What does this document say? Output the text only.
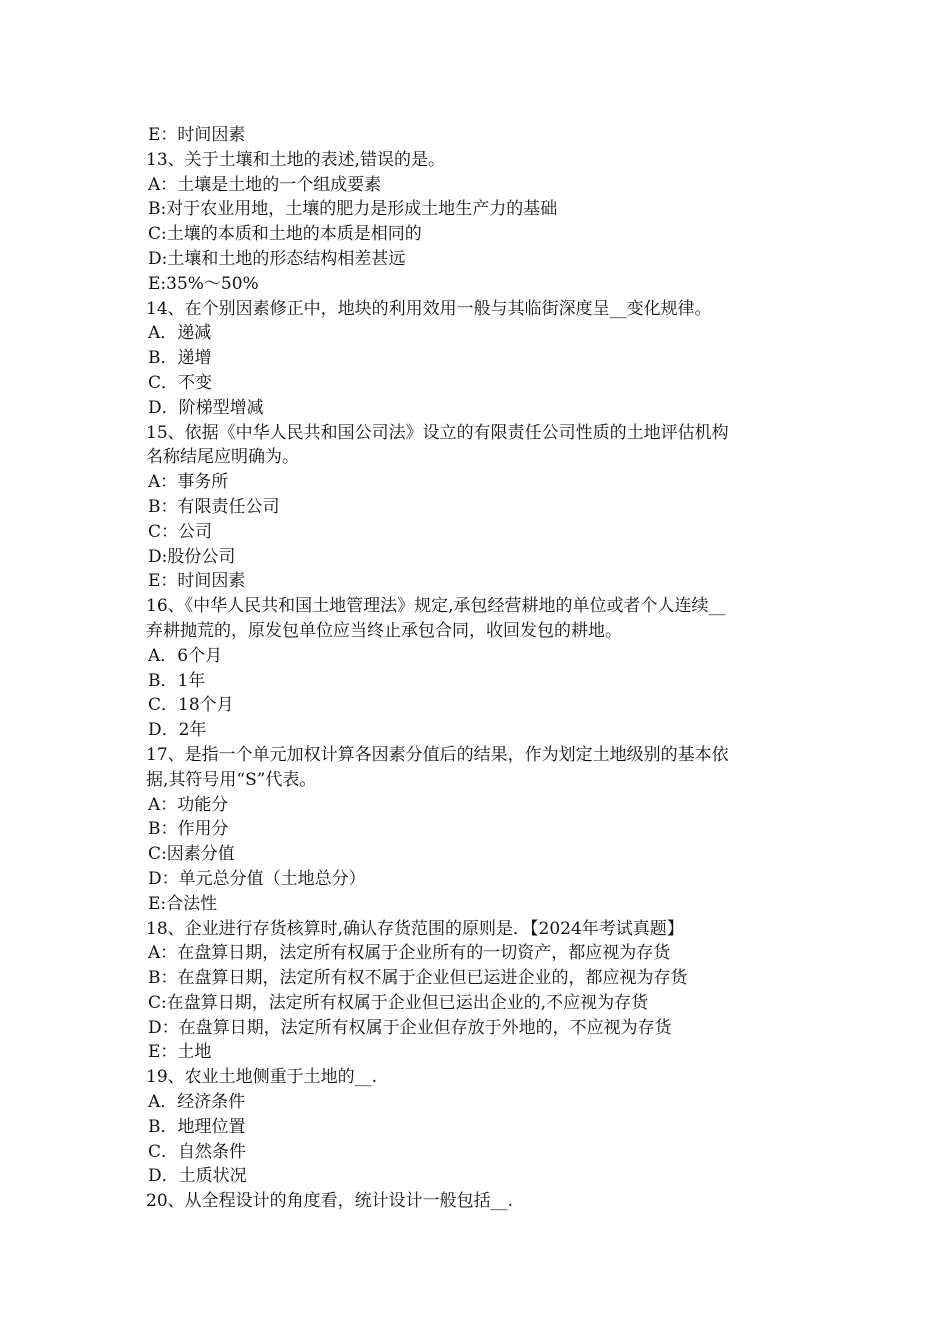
E：时间因素
13、关于土壤和土地的表述,错误的是。
A：土壤是土地的一个组成要素
B:对于农业用地，土壤的肥力是形成土地生产力的基础
C:土壤的本质和土地的本质是相同的
D:土壤和土地的形态结构相差甚远
E:35%～50%
14、在个别因素修正中，地块的利用效用一般与其临街深度呈__变化规律。
A．递减
B．递增
C．不变
D．阶梯型增减
15、依据《中华人民共和国公司法》设立的有限责任公司性质的土地评估机构
名称结尾应明确为。
A：事务所
B：有限责任公司
C：公司
D:股份公司
E：时间因素
16、《中华人民共和国土地管理法》规定,承包经营耕地的单位或者个人连续__
弃耕抛荒的，原发包单位应当终止承包合同，收回发包的耕地。
A．6个月
B．1年
C．18个月
D．2年
17、是指一个单元加权计算各因素分值后的结果，作为划定土地级别的基本依
据,其符号用“S”代表。
A：功能分
B：作用分
C:因素分值
D：单元总分值（土地总分）
E:合法性
18、企业进行存货核算时,确认存货范围的原则是．【2024年考试真题】
A：在盘算日期，法定所有权属于企业所有的一切资产，都应视为存货
B：在盘算日期，法定所有权不属于企业但已运进企业的，都应视为存货
C:在盘算日期，法定所有权属于企业但已运出企业的,不应视为存货
D：在盘算日期，法定所有权属于企业但存放于外地的，不应视为存货
E：土地
19、农业土地侧重于土地的__.
A．经济条件
B．地理位置
C．自然条件
D．土质状况
20、从全程设计的角度看，统计设计一般包括__.
